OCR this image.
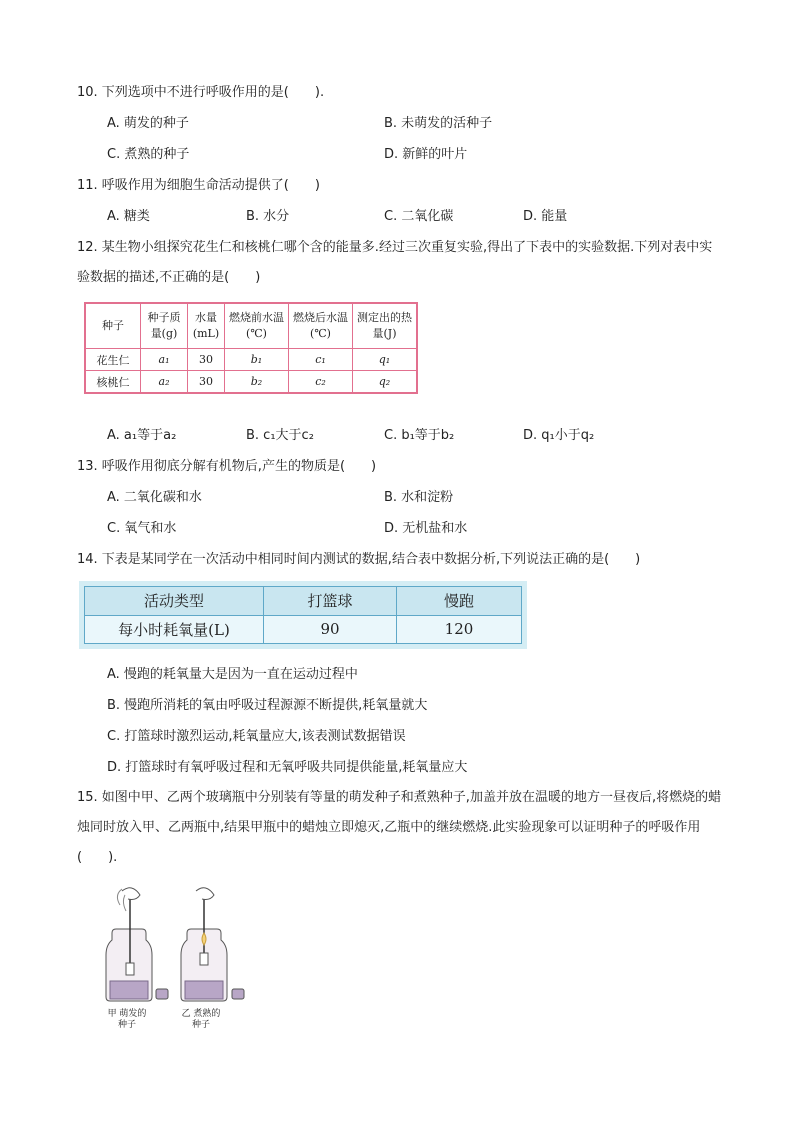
10. 下列选项中不进行呼吸作用的是(　　).
A. 萌发的种子	B. 未萌发的活种子
C. 煮熟的种子	D. 新鲜的叶片
11. 呼吸作用为细胞生命活动提供了(　　)
A. 糖类	B. 水分	C. 二氧化碳	D. 能量
12. 某生物小组探究花生仁和核桃仁哪个含的能量多.经过三次重复实验,得出了下表中的实验数据.下列对表中实验数据的描述,不正确的是(　　)
种子	种子质量(g)	水量(mL)	燃烧前水温(℃)	燃烧后水温(℃)	测定出的热量(J)
花生仁	a₁	30	b₁	c₁	q₁
核桃仁	a₂	30	b₂	c₂	q₂
A. a₁等于a₂	B. c₁大于c₂	C. b₁等于b₂	D. q₁小于q₂
13. 呼吸作用彻底分解有机物后,产生的物质是(　　)
A. 二氧化碳和水	B. 水和淀粉
C. 氧气和水	D. 无机盐和水
14. 下表是某同学在一次活动中相同时间内测试的数据,结合表中数据分析,下列说法正确的是(　　)
活动类型	打篮球	慢跑
每小时耗氧量(L)	90	120
A. 慢跑的耗氧量大是因为一直在运动过程中
B. 慢跑所消耗的氧由呼吸过程源源不断提供,耗氧量就大
C. 打篮球时激烈运动,耗氧量应大,该表测试数据错误
D. 打篮球时有氧呼吸过程和无氧呼吸共同提供能量,耗氧量应大
15. 如图中甲、乙两个玻璃瓶中分别装有等量的萌发种子和煮熟种子,加盖并放在温暖的地方一昼夜后,将燃烧的蜡烛同时放入甲、乙两瓶中,结果甲瓶中的蜡烛立即熄灭,乙瓶中的继续燃烧.此实验现象可以证明种子的呼吸作用(　　).
甲 萌发的
种子
乙 煮熟的
种子
